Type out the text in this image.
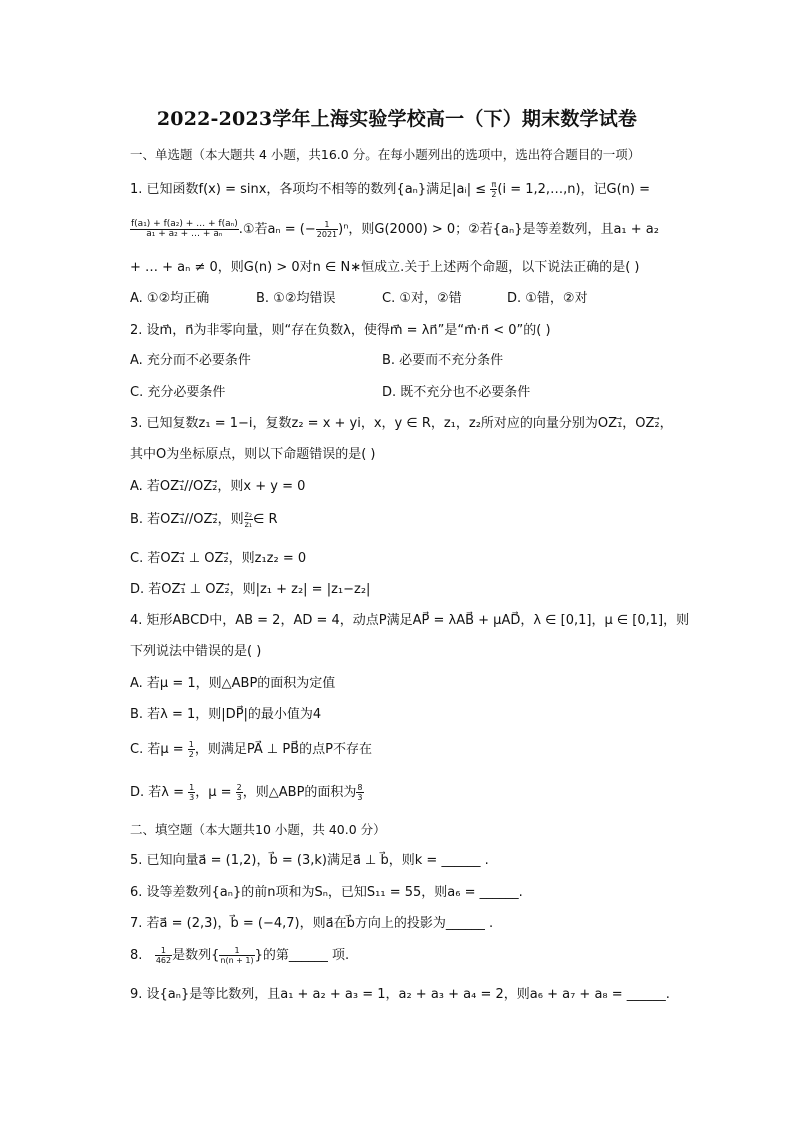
2022-2023学年上海实验学校高一（下）期末数学试卷
一、单选题（本大题共 4 小题，共16.0 分。在每小题列出的选项中，选出符合题目的一项）
1. 已知函数f(x) = sinx，各项均不相等的数列{aₙ}满足|aᵢ| ≤ $\frac{\pi}{2} (i$ = 1,2,…,n)，记G(n) =
$\frac{\text{f(a₁) + f(a₂) + … + f(aₙ)}}{\text{a₁ + a₂ + … + aₙ}}$ .①若aₙ = (− $\frac{1}{2021} )^n$，则G(2000) > 0；②若{aₙ}是等差数列，且a₁ + a₂
+ … + aₙ ≠ 0，则G(n) > 0对n ∈ N∗恒成立.关于上述两个命题，以下说法正确的是( )
A. ①②均正确	B. ①②均错误	C. ①对，②错	D. ①错，②对
2. 设m⃗，n⃗为非零向量，则“存在负数λ，使得m⃗ = λn⃗”是“m⃗·n⃗ < 0”的( )
A. 充分而不必要条件	B. 必要而不充分条件
C. 充分必要条件	D. 既不充分也不必要条件
3. 已知复数z₁ = 1−i，复数z₂ = x + yi，x，y ∈ R，z₁，z₂所对应的向量分别为OZ₁⃗，OZ₂⃗，
其中O为坐标原点，则以下命题错误的是( )
A. 若OZ₁⃗//OZ₂⃗，则x + y = 0
B. 若OZ₁⃗//OZ₂⃗，则 $\frac{\text{z₂}}{\text{z₁}}$ ∈ R
C. 若OZ₁⃗ ⊥ OZ₂⃗，则z₁z₂ = 0
D. 若OZ₁⃗ ⊥ OZ₂⃗，则|z₁ + z₂| = |z₁−z₂|
4. 矩形ABCD中，AB = 2，AD = 4，动点P满足AP⃗ = λAB⃗ + μAD⃗，λ ∈ [0,1]，μ ∈ [0,1]，则
下列说法中错误的是( )
A. 若μ = 1，则△ABP的面积为定值
B. 若λ = 1，则|DP⃗|的最小值为4
C. 若$\mu = \frac{1}{2}$ ，则满足PA⃗ ⊥ PB⃗的点P不存在
D. 若$\lambda = \frac{1}{3}$ ，$\mu = \frac{2}{3}$ ，则△ABP的面积为 $\frac{8}{3}$
二、填空题（本大题共10 小题，共 40.0 分）
5. 已知向量a⃗ = (1,2)，b⃗ = (3,k)满足a⃗ ⊥ b⃗，则k = ______ .
6. 设等差数列{aₙ}的前n项和为Sₙ，已知S₁₁ = 55，则a₆ = ______.
7. 若a⃗ = (2,3)，b⃗ = (−4,7)，则a⃗在b⃗方向上的投影为______ .
8. $\frac{1}{462}$ 是数列{ $\frac{1}{n(n + 1)}$ }的第______ 项.
9. 设{aₙ}是等比数列，且a₁ + a₂ + a₃ = 1，a₂ + a₃ + a₄ = 2，则a₆ + a₇ + a₈ = ______.
